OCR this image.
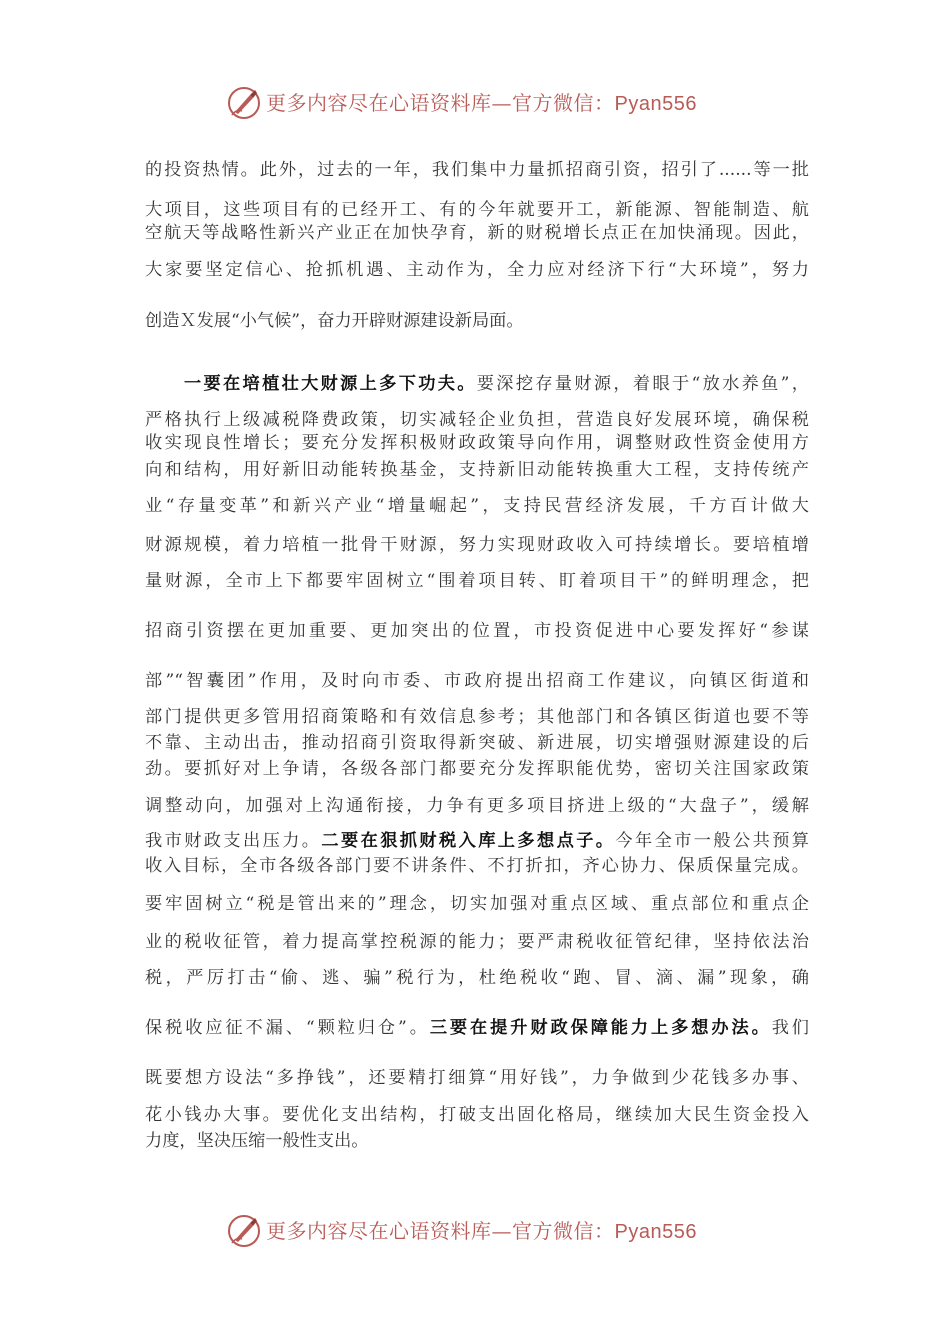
更多内容尽在心语资料库—官方微信：Pyan556
的投资热情。此外，过去的一年，我们集中力量抓招商引资，招引了......等一批
大项目，这些项目有的已经开工、有的今年就要开工，新能源、智能制造、航
空航天等战略性新兴产业正在加快孕育，新的财税增长点正在加快涌现。因此，
大家要坚定信心、抢抓机遇、主动作为，全力应对经济下行“大环境”，努力
创造Ｘ发展“小气候”，奋力开辟财源建设新局面。
一要在培植壮大财源上多下功夫。要深挖存量财源，着眼于“放水养鱼”，
严格执行上级减税降费政策，切实减轻企业负担，营造良好发展环境，确保税
收实现良性增长；要充分发挥积极财政政策导向作用，调整财政性资金使用方
向和结构，用好新旧动能转换基金，支持新旧动能转换重大工程，支持传统产
业“存量变革”和新兴产业“增量崛起”，支持民营经济发展，千方百计做大
财源规模，着力培植一批骨干财源，努力实现财政收入可持续增长。要培植增
量财源，全市上下都要牢固树立“围着项目转、盯着项目干”的鲜明理念，把
招商引资摆在更加重要、更加突出的位置，市投资促进中心要发挥好“参谋
部”“智囊团”作用，及时向市委、市政府提出招商工作建议，向镇区街道和
部门提供更多管用招商策略和有效信息参考；其他部门和各镇区街道也要不等
不靠、主动出击，推动招商引资取得新突破、新进展，切实增强财源建设的后
劲。要抓好对上争请，各级各部门都要充分发挥职能优势，密切关注国家政策
调整动向，加强对上沟通衔接，力争有更多项目挤进上级的“大盘子”，缓解
我市财政支出压力。二要在狠抓财税入库上多想点子。今年全市一般公共预算
收入目标，全市各级各部门要不讲条件、不打折扣，齐心协力、保质保量完成。
要牢固树立“税是管出来的”理念，切实加强对重点区域、重点部位和重点企
业的税收征管，着力提高掌控税源的能力；要严肃税收征管纪律，坚持依法治
税，严厉打击“偷、逃、骗”税行为，杜绝税收“跑、冒、滴、漏”现象，确
保税收应征不漏、“颗粒归仓”。三要在提升财政保障能力上多想办法。我们
既要想方设法“多挣钱”，还要精打细算“用好钱”，力争做到少花钱多办事、
花小钱办大事。要优化支出结构，打破支出固化格局，继续加大民生资金投入
力度，坚决压缩一般性支出。
更多内容尽在心语资料库—官方微信：Pyan556
